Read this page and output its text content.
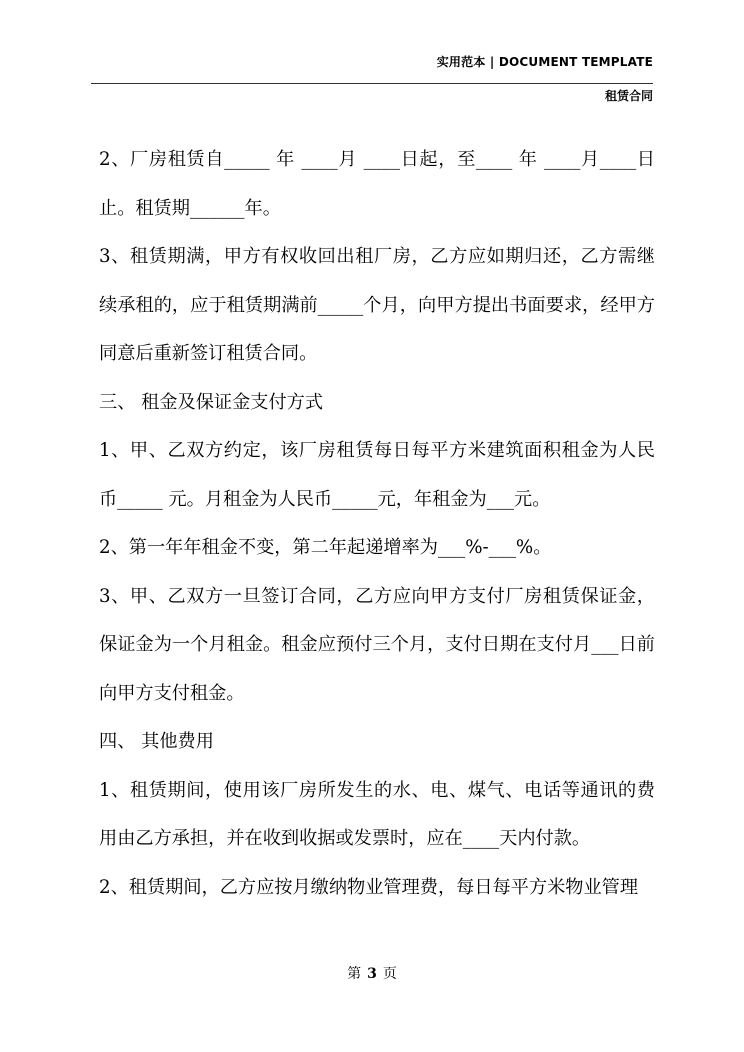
实用范本 | DOCUMENT TEMPLATE
租赁合同

2、厂房租赁自_____ 年 ____月 ____日起，至____ 年 ____月____日止。租赁期______年。

3、租赁期满，甲方有权收回出租厂房，乙方应如期归还，乙方需继续承租的，应于租赁期满前_____个月，向甲方提出书面要求，经甲方同意后重新签订租赁合同。

三、 租金及保证金支付方式

1、甲、乙双方约定，该厂房租赁每日每平方米建筑面积租金为人民币_____ 元。月租金为人民币_____元，年租金为___元。

2、第一年年租金不变，第二年起递增率为___%-___%。

3、甲、乙双方一旦签订合同，乙方应向甲方支付厂房租赁保证金，保证金为一个月租金。租金应预付三个月，支付日期在支付月___日前向甲方支付租金。

四、 其他费用

1、租赁期间，使用该厂房所发生的水、电、煤气、电话等通讯的费用由乙方承担，并在收到收据或发票时，应在____天内付款。

2、租赁期间，乙方应按月缴纳物业管理费，每日每平方米物业管理

第 3 页
